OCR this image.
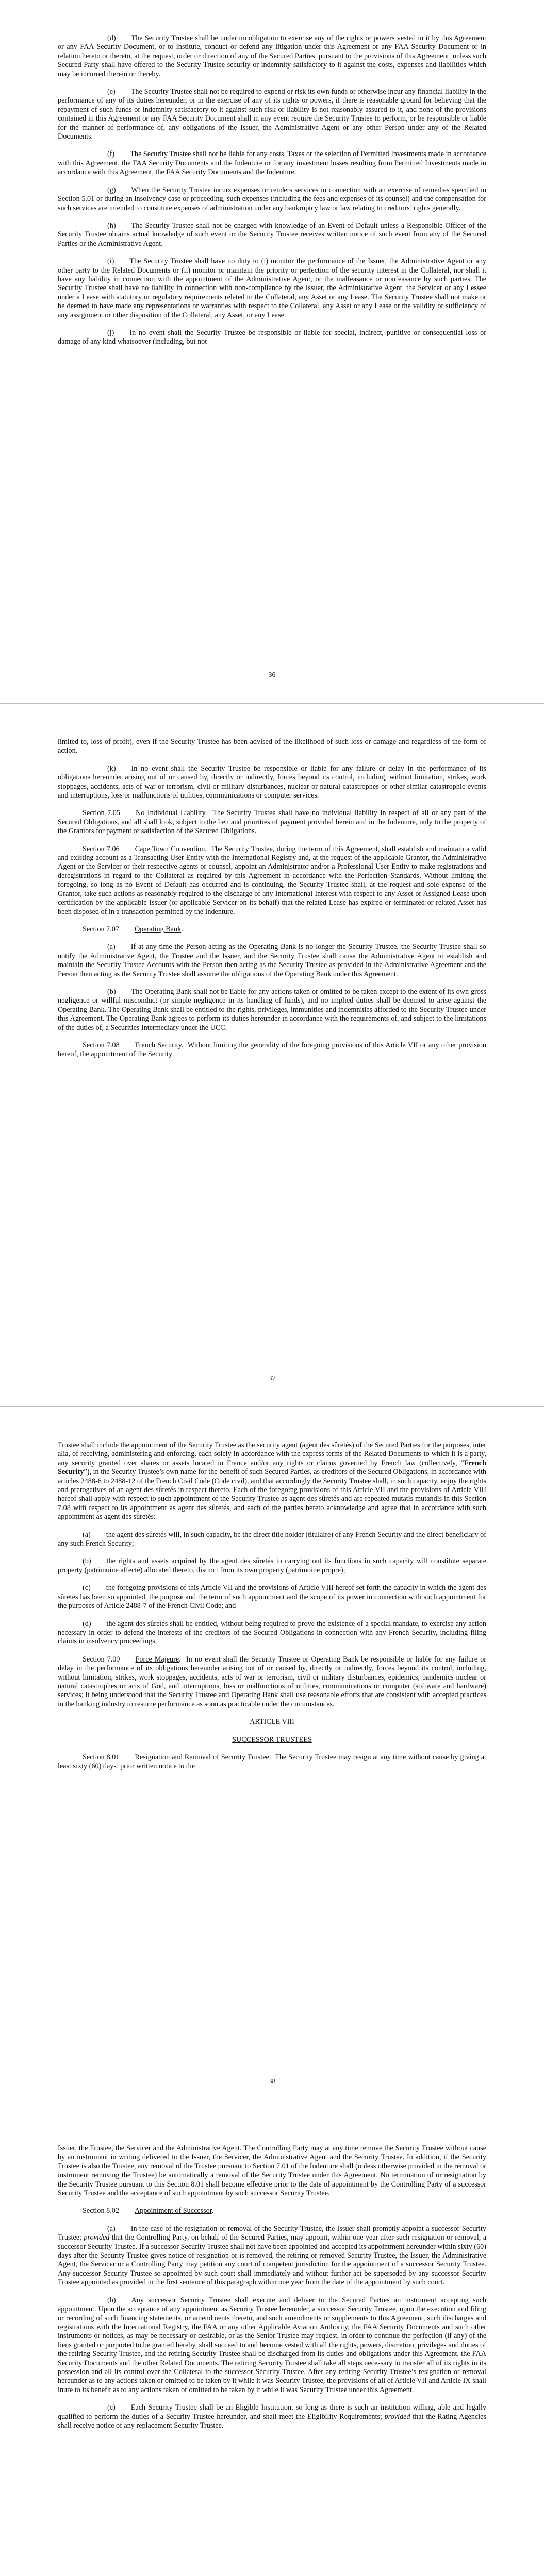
(d) The Security Trustee shall be under no obligation to exercise any of the rights or powers vested in it by this Agreement or any FAA Security Document, or to institute, conduct or defend any litigation under this Agreement or any FAA Security Document or in relation hereto or thereto, at the request, order or direction of any of the Secured Parties, pursuant to the provisions of this Agreement, unless such Secured Party shall have offered to the Security Trustee security or indemnity satisfactory to it against the costs, expenses and liabilities which may be incurred therein or thereby.

(e) The Security Trustee shall not be required to expend or risk its own funds or otherwise incur any financial liability in the performance of any of its duties hereunder, or in the exercise of any of its rights or powers, if there is reasonable ground for believing that the repayment of such funds or indemnity satisfactory to it against such risk or liability is not reasonably assured to it, and none of the provisions contained in this Agreement or any FAA Security Document shall in any event require the Security Trustee to perform, or be responsible or liable for the manner of performance of, any obligations of the Issuer, the Administrative Agent or any other Person under any of the Related Documents.

(f) The Security Trustee shall not be liable for any costs, Taxes or the selection of Permitted Investments made in accordance with this Agreement, the FAA Security Documents and the Indenture or for any investment losses resulting from Permitted Investments made in accordance with this Agreement, the FAA Security Documents and the Indenture.

(g) When the Security Trustee incurs expenses or renders services in connection with an exercise of remedies specified in Section 5.01 or during an insolvency case or proceeding, such expenses (including the fees and expenses of its counsel) and the compensation for such services are intended to constitute expenses of administration under any bankruptcy law or law relating to creditors’ rights generally.

(h) The Security Trustee shall not be charged with knowledge of an Event of Default unless a Responsible Officer of the Security Trustee obtains actual knowledge of such event or the Security Trustee receives written notice of such event from any of the Secured Parties or the Administrative Agent.

(i) The Security Trustee shall have no duty to (i) monitor the performance of the Issuer, the Administrative Agent or any other party to the Related Documents or (ii) monitor or maintain the priority or perfection of the security interest in the Collateral, nor shall it have any liability in connection with the appointment of the Administrative Agent, or the malfeasance or nonfeasance by such parties. The Security Trustee shall have no liability in connection with non-compliance by the Issuer, the Administrative Agent, the Servicer or any Lessee under a Lease with statutory or regulatory requirements related to the Collateral, any Asset or any Lease. The Security Trustee shall not make or be deemed to have made any representations or warranties with respect to the Collateral, any Asset or any Lease or the validity or sufficiency of any assignment or other disposition of the Collateral, any Asset, or any Lease.

(j) In no event shall the Security Trustee be responsible or liable for special, indirect, punitive or consequential loss or damage of any kind whatsoever (including, but not

36

limited to, loss of profit), even if the Security Trustee has been advised of the likelihood of such loss or damage and regardless of the form of action.

(k) In no event shall the Security Trustee be responsible or liable for any failure or delay in the performance of its obligations hereunder arising out of or caused by, directly or indirectly, forces beyond its control, including, without limitation, strikes, work stoppages, accidents, acts of war or terrorism, civil or military disturbances, nuclear or natural catastrophes or other similar catastrophic events and interruptions, loss or malfunctions of utilities, communications or computer services.

Section 7.05 No Individual Liability.  The Security Trustee shall have no individual liability in respect of all or any part of the Secured Obligations, and all shall look, subject to the lien and priorities of payment provided herein and in the Indenture, only to the property of the Grantors for payment or satisfaction of the Secured Obligations.

Section 7.06 Cape Town Convention.  The Security Trustee, during the term of this Agreement, shall establish and maintain a valid and existing account as a Transacting User Entity with the International Registry and, at the request of the applicable Grantor, the Administrative Agent or the Servicer or their respective agents or counsel, appoint an Administrator and/or a Professional User Entity to make registrations and deregistrations in regard to the Collateral as required by this Agreement in accordance with the Perfection Standards. Without limiting the foregoing, so long as no Event of Default has occurred and is continuing, the Security Trustee shall, at the request and sole expense of the Grantor, take such actions as reasonably required to the discharge of any International Interest with respect to any Asset or Assigned Lease upon certification by the applicable Issuer (or applicable Servicer on its behalf) that the related Lease has expired or terminated or related Asset has been disposed of in a transaction permitted by the Indenture.

Section 7.07 Operating Bank.

(a) If at any time the Person acting as the Operating Bank is no longer the Security Trustee, the Security Trustee shall so notify the Administrative Agent, the Trustee and the Issuer, and the Security Trustee shall cause the Administrative Agent to establish and maintain the Security Trustee Accounts with the Person then acting as the Security Trustee as provided in the Administrative Agreement and the Person then acting as the Security Trustee shall assume the obligations of the Operating Bank under this Agreement.

(b) The Operating Bank shall not be liable for any actions taken or omitted to be taken except to the extent of its own gross negligence or willful misconduct (or simple negligence in its handling of funds), and no implied duties shall be deemed to arise against the Operating Bank. The Operating Bank shall be entitled to the rights, privileges, immunities and indemnities afforded to the Security Trustee under this Agreement. The Operating Bank agrees to perform its duties hereunder in accordance with the requirements of, and subject to the limitations of the duties of, a Securities Intermediary under the UCC.

Section 7.08 French Security.  Without limiting the generality of the foregoing provisions of this Article VII or any other provision hereof, the appointment of the Security

37

Trustee shall include the appointment of the Security Trustee as the security agent (agent des sûretés) of the Secured Parties for the purposes, inter alia, of receiving, administering and enforcing, each solely in accordance with the express terms of the Related Documents to which it is a party, any security granted over shares or assets located in France and/or any rights or claims governed by French law (collectively, “French Security”), in the Security Trustee’s own name for the benefit of such Secured Parties, as creditors of the Secured Obligations, in accordance with articles 2488-6 to 2488-12 of the French Civil Code (Code civil), and that accordingly the Security Trustee shall, in such capacity, enjoy the rights and prerogatives of an agent des sûretés in respect thereto. Each of the foregoing provisions of this Article VII and the provisions of Article VIII hereof shall apply with respect to such appointment of the Security Trustee as agent des sûretés and are repeated mutatis mutandis in this Section 7.08 with respect to its appointment as agent des sûretés, and each of the parties hereto acknowledge and agree that in accordance with such appointment as agent des sûretés:

(a) the agent des sûretés will, in such capacity, be the direct title holder (titulaire) of any French Security and the direct beneficiary of any such French Security;

(b) the rights and assets acquired by the agent des sûretés in carrying out its functions in such capacity will constitute separate property (patrimoine affecté) allocated thereto, distinct from its own property (patrimoine propre);

(c) the foregoing provisions of this Article VII and the provisions of Article VIII hereof set forth the capacity in which the agent des sûretés has been so appointed, the purpose and the term of such appointment and the scope of its power in connection with such appointment for the purposes of Article 2488-7 of the French Civil Code; and

(d) the agent des sûretés shall be entitled, without being required to prove the existence of a special mandate, to exercise any action necessary in order to defend the interests of the creditors of the Secured Obligations in connection with any French Security, including filing claims in insolvency proceedings.

Section 7.09 Force Majeure.  In no event shall the Security Trustee or Operating Bank be responsible or liable for any failure or delay in the performance of its obligations hereunder arising out of or caused by, directly or indirectly, forces beyond its control, including, without limitation, strikes, work stoppages, accidents, acts of war or terrorism, civil or military disturbances, epidemics, pandemics nuclear or natural catastrophes or acts of God, and interruptions, loss or malfunctions of utilities, communications or computer (software and hardware) services; it being understood that the Security Trustee and Operating Bank shall use reasonable efforts that are consistent with accepted practices in the banking industry to resume performance as soon as practicable under the circumstances.

ARTICLE VIII

SUCCESSOR TRUSTEES

Section 8.01 Resignation and Removal of Security Trustee.  The Security Trustee may resign at any time without cause by giving at least sixty (60) days’ prior written notice to the

38

Issuer, the Trustee, the Servicer and the Administrative Agent. The Controlling Party may at any time remove the Security Trustee without cause by an instrument in writing delivered to the Issuer, the Servicer, the Administrative Agent and the Security Trustee. In addition, if the Security Trustee is also the Trustee, any removal of the Trustee pursuant to Section 7.01 of the Indenture shall (unless otherwise provided in the removal or instrument removing the Trustee) be automatically a removal of the Security Trustee under this Agreement. No termination of or resignation by the Security Trustee pursuant to this Section 8.01 shall become effective prior to the date of appointment by the Controlling Party of a successor Security Trustee and the acceptance of such appointment by such successor Security Trustee.

Section 8.02 Appointment of Successor.

(a) In the case of the resignation or removal of the Security Trustee, the Issuer shall promptly appoint a successor Security Trustee; provided that the Controlling Party, on behalf of the Secured Parties, may appoint, within one year after such resignation or removal, a successor Security Trustee. If a successor Security Trustee shall not have been appointed and accepted its appointment hereunder within sixty (60) days after the Security Trustee gives notice of resignation or is removed, the retiring or removed Security Trustee, the Issuer, the Administrative Agent, the Servicer or a Controlling Party may petition any court of competent jurisdiction for the appointment of a successor Security Trustee. Any successor Security Trustee so appointed by such court shall immediately and without further act be superseded by any successor Security Trustee appointed as provided in the first sentence of this paragraph within one year from the date of the appointment by such court.

(b) Any successor Security Trustee shall execute and deliver to the Secured Parties an instrument accepting such appointment. Upon the acceptance of any appointment as Security Trustee hereunder, a successor Security Trustee, upon the execution and filing or recording of such financing statements, or amendments thereto, and such amendments or supplements to this Agreement, such discharges and registrations with the International Registry, the FAA or any other Applicable Aviation Authority, the FAA Security Documents and such other instruments or notices, as may be necessary or desirable, or as the Senior Trustee may request, in order to continue the perfection (if any) of the liens granted or purported to be granted hereby, shall succeed to and become vested with all the rights, powers, discretion, privileges and duties of the retiring Security Trustee, and the retiring Security Trustee shall be discharged from its duties and obligations under this Agreement, the FAA Security Documents and the other Related Documents. The retiring Security Trustee shall take all steps necessary to transfer all of its rights in its possession and all its control over the Collateral to the successor Security Trustee. After any retiring Security Trustee’s resignation or removal hereunder as to any actions taken or omitted to be taken by it while it was Security Trustee, the provisions of all of Article VII and Article IX shall inure to its benefit as to any actions taken or omitted to be taken by it while it was Security Trustee under this Agreement.

(c) Each Security Trustee shall be an Eligible Institution, so long as there is such an institution willing, able and legally qualified to perform the duties of a Security Trustee hereunder, and shall meet the Eligibility Requirements; provided that the Rating Agencies shall receive notice of any replacement Security Trustee.
